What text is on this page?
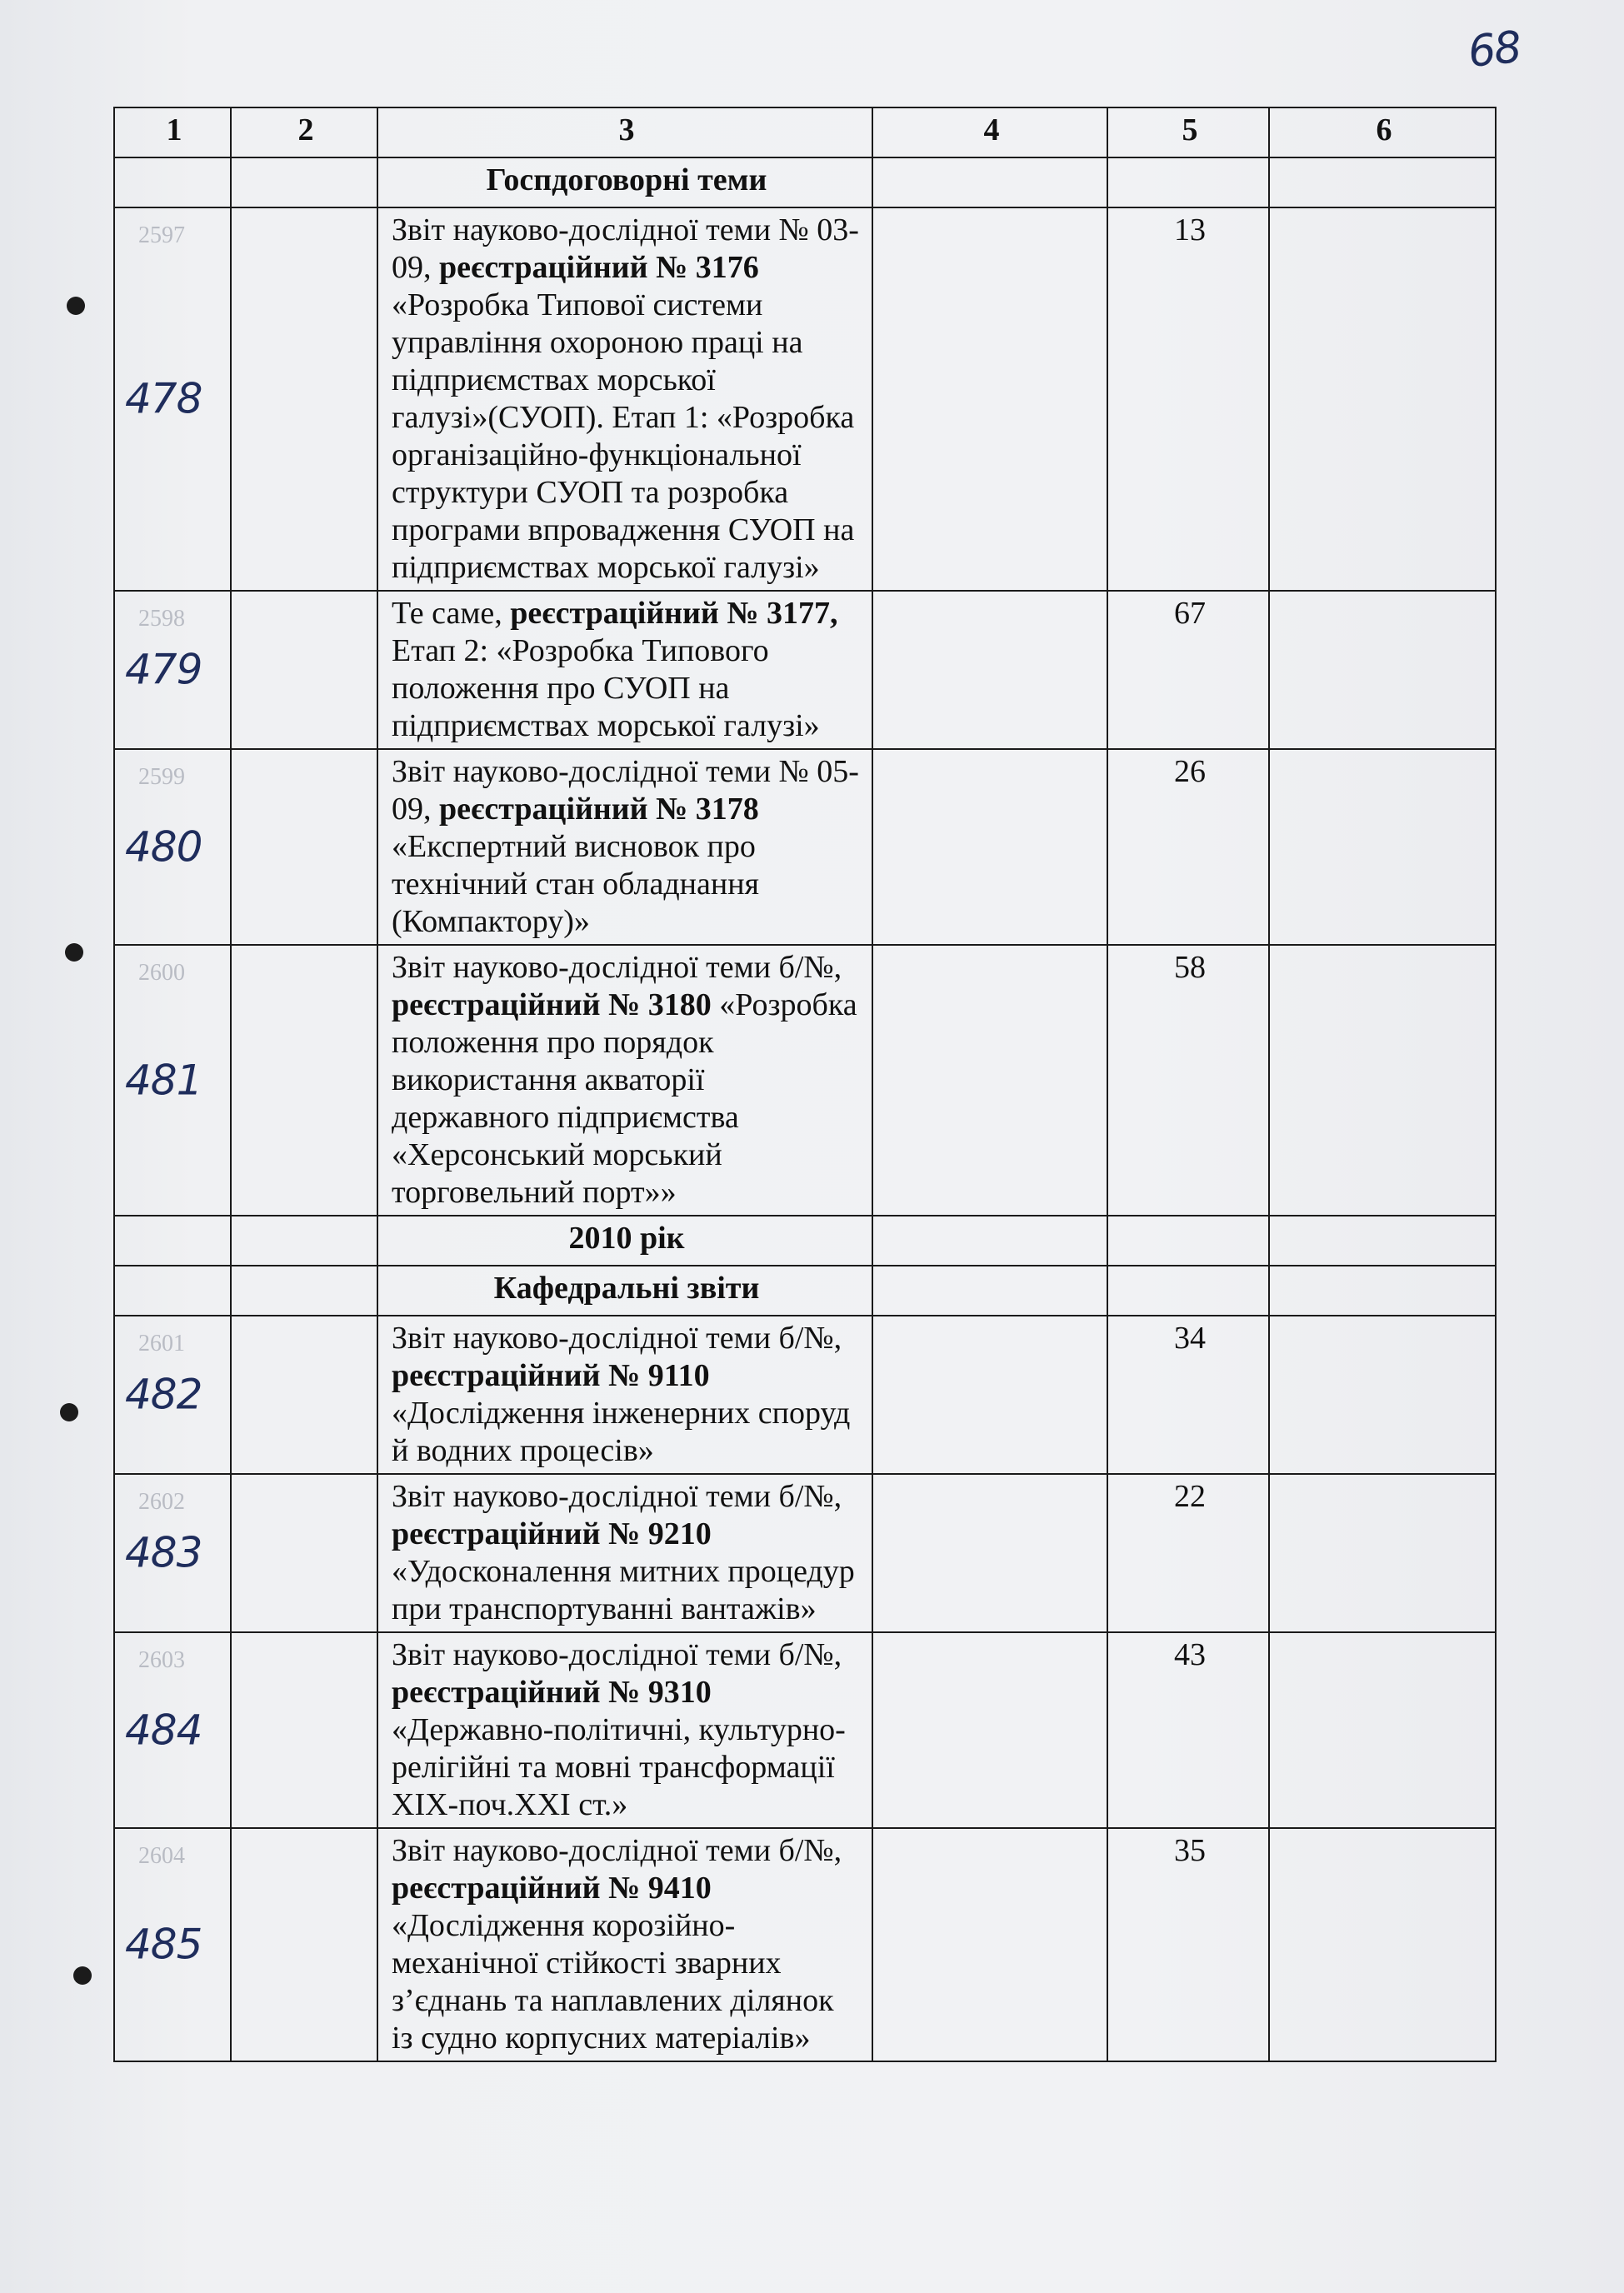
68
1	2	3	4	5	6
		Госпдоговорні теми			

2597
478		Звіт науково-дослідної теми № 03-09, реєстраційний № 3176 «Розробка Типової системи управління охороною праці на підприємствах морської галузі»(СУОП). Етап 1: «Розробка організаційно-функціональної структури СУОП та розробка програми впровадження СУОП на підприємствах морської галузі»		13	

2598
479		Те саме, реєстраційний № 3177, Етап 2: «Розробка Типового положення про СУОП на підприємствах морської галузі»		67	

2599
480		Звіт науково-дослідної теми № 05-09, реєстраційний № 3178 «Експертний висновок про технічний стан обладнання (Компактору)»		26	

2600
481		Звіт науково-дослідної теми б/№, реєстраційний № 3180 «Розробка положення про порядок використання акваторії державного підприємства «Херсонський морський торговельний порт»»		58	
		2010 рік			
		Кафедральні звіти			

2601
482		Звіт науково-дослідної теми б/№, реєстраційний № 9110 «Дослідження інженерних споруд й водних процесів»		34	

2602
483		Звіт науково-дослідної теми б/№, реєстраційний № 9210 «Удосконалення митних процедур при транспортуванні вантажів»		22	

2603
484		Звіт науково-дослідної теми б/№, реєстраційний № 9310 «Державно-політичні, культурно-релігійні та мовні трансформації XIX-поч.XXI ст.»		43	

2604
485		Звіт науково-дослідної теми б/№, реєстраційний № 9410 «Дослідження корозійно-механічної стійкості зварних з’єднань та наплавлених ділянок із судно корпусних матеріалів»		35	
